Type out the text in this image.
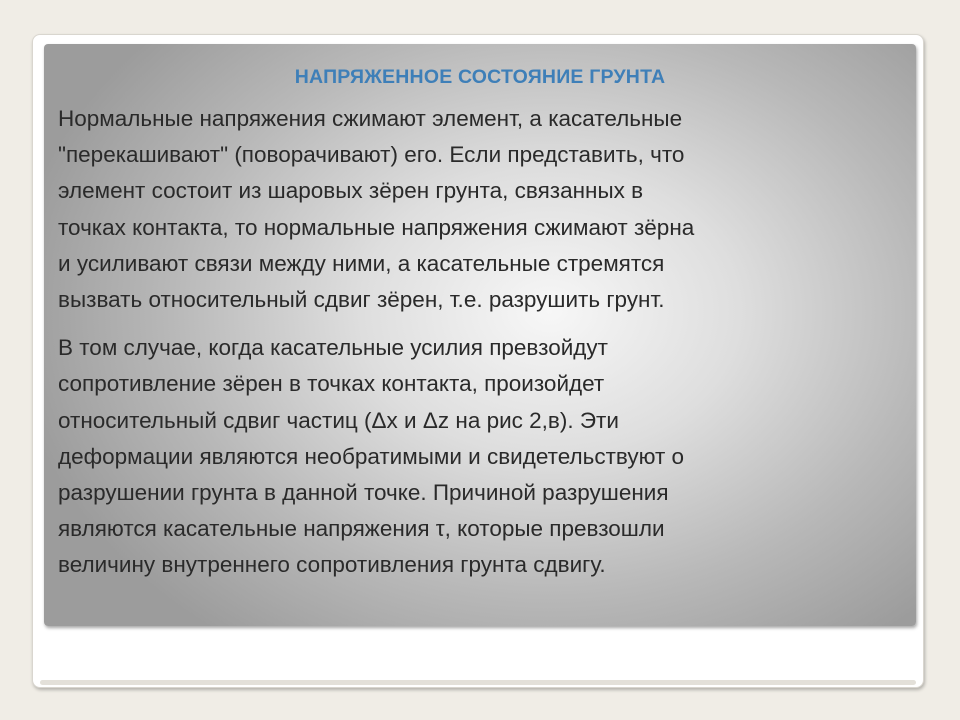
НАПРЯЖЕННОЕ СОСТОЯНИЕ ГРУНТА

Нормальные напряжения сжимают элемент, а касательные
"перекашивают" (поворачивают) его. Если представить, что
элемент состоит из шаровых зёрен грунта, связанных в
точках контакта, то нормальные напряжения сжимают зёрна
и усиливают связи между ними, а касательные стремятся
вызвать относительный сдвиг зёрен, т.е. разрушить грунт.

В том случае, когда касательные усилия превзойдут
сопротивление зёрен в точках контакта, произойдет
относительный сдвиг частиц (Δx и Δz на рис 2,в). Эти
деформации являются необратимыми и свидетельствуют о
разрушении грунта в данной точке. Причиной разрушения
являются касательные напряжения τ, которые превзошли
величину внутреннего сопротивления грунта сдвигу.
